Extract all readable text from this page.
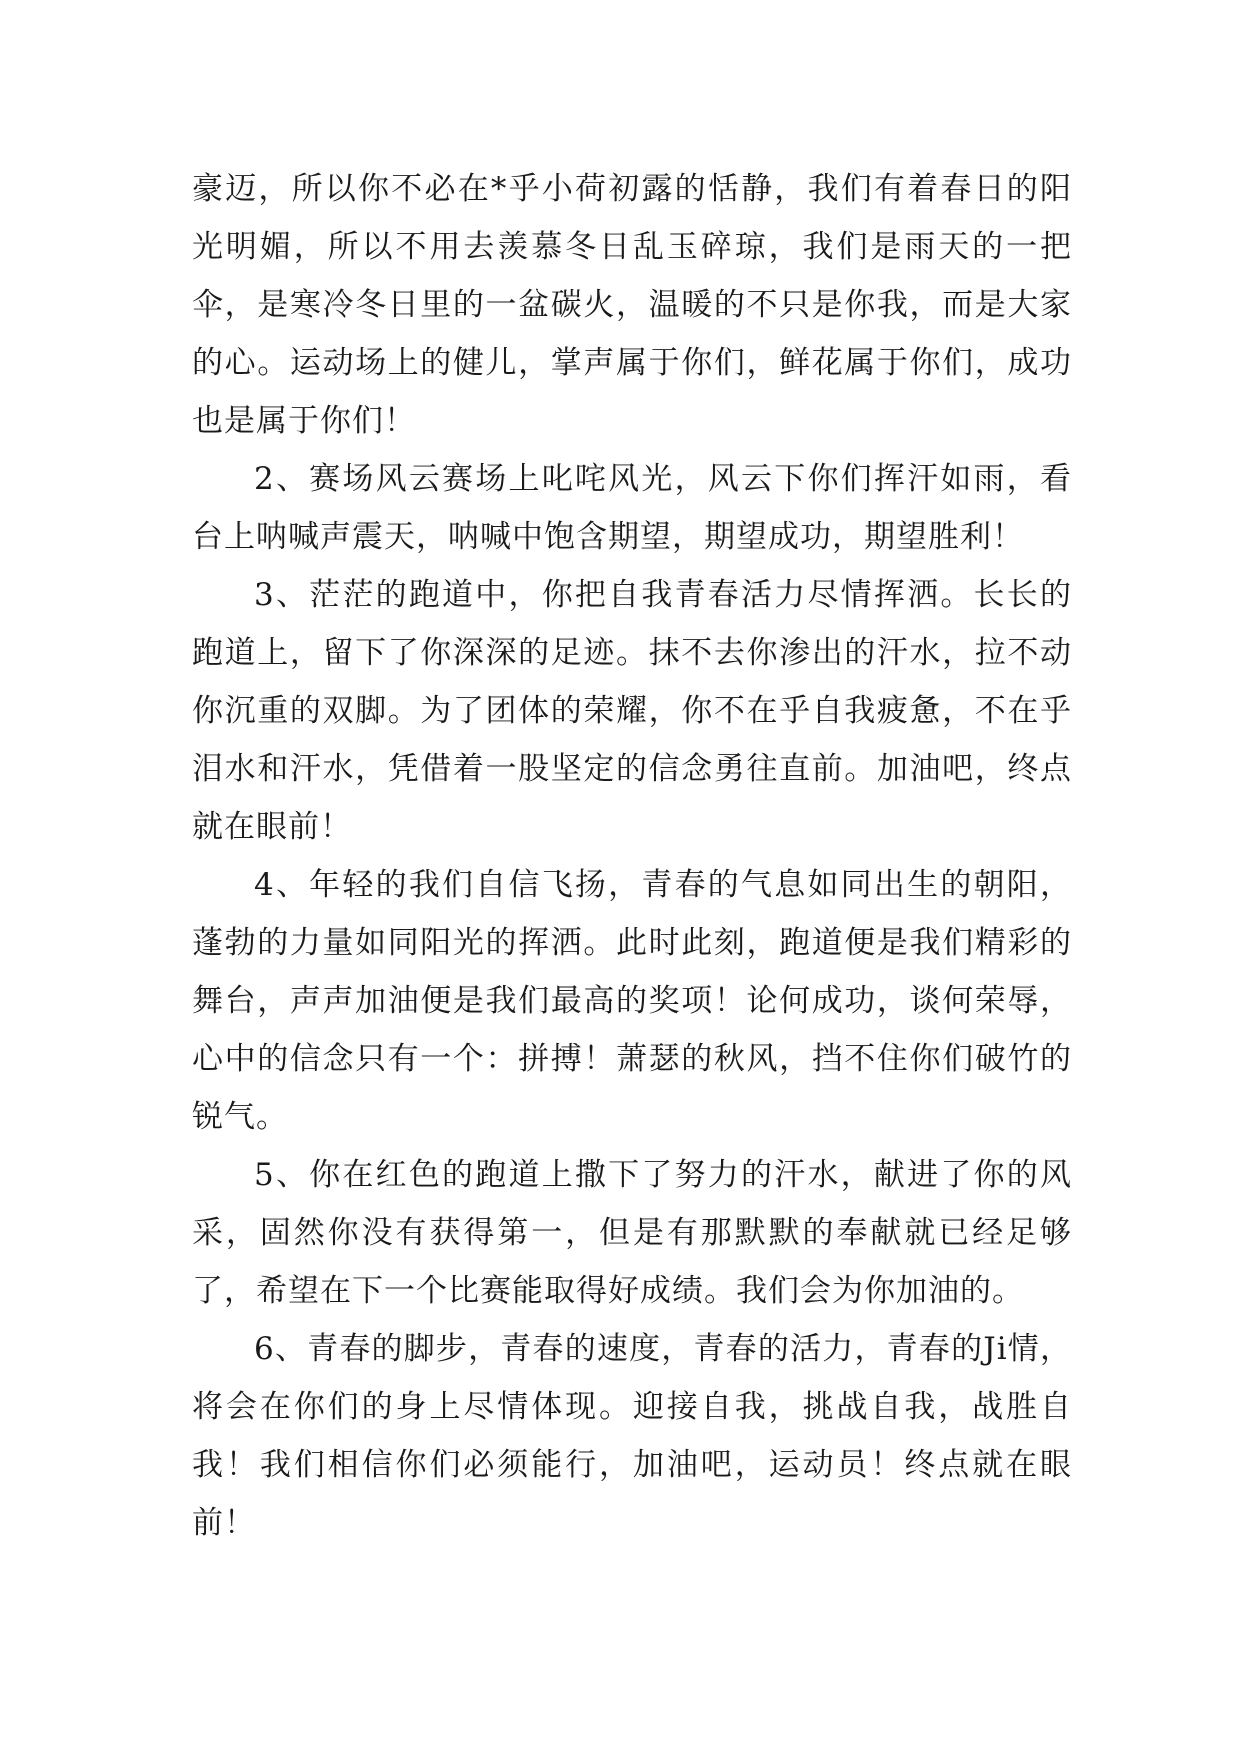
豪迈，所以你不必在*乎小荷初露的恬静，我们有着春日的阳光明媚，所以不用去羡慕冬日乱玉碎琼，我们是雨天的一把伞，是寒冷冬日里的一盆碳火，温暖的不只是你我，而是大家的心。运动场上的健儿，掌声属于你们，鲜花属于你们，成功也是属于你们！

2、赛场风云赛场上叱咤风光，风云下你们挥汗如雨，看台上呐喊声震天，呐喊中饱含期望，期望成功，期望胜利！

3、茫茫的跑道中，你把自我青春活力尽情挥洒。长长的跑道上，留下了你深深的足迹。抹不去你渗出的汗水，拉不动你沉重的双脚。为了团体的荣耀，你不在乎自我疲惫，不在乎泪水和汗水，凭借着一股坚定的信念勇往直前。加油吧，终点就在眼前！

4、年轻的我们自信飞扬，青春的气息如同出生的朝阳，蓬勃的力量如同阳光的挥洒。此时此刻，跑道便是我们精彩的舞台，声声加油便是我们最高的奖项！论何成功，谈何荣辱，心中的信念只有一个：拼搏！萧瑟的秋风，挡不住你们破竹的锐气。

5、你在红色的跑道上撒下了努力的汗水，献进了你的风采，固然你没有获得第一，但是有那默默的奉献就已经足够了，希望在下一个比赛能取得好成绩。我们会为你加油的。

6、青春的脚步，青春的速度，青春的活力，青春的Ji情，将会在你们的身上尽情体现。迎接自我，挑战自我，战胜自我！我们相信你们必须能行，加油吧，运动员！终点就在眼前！
